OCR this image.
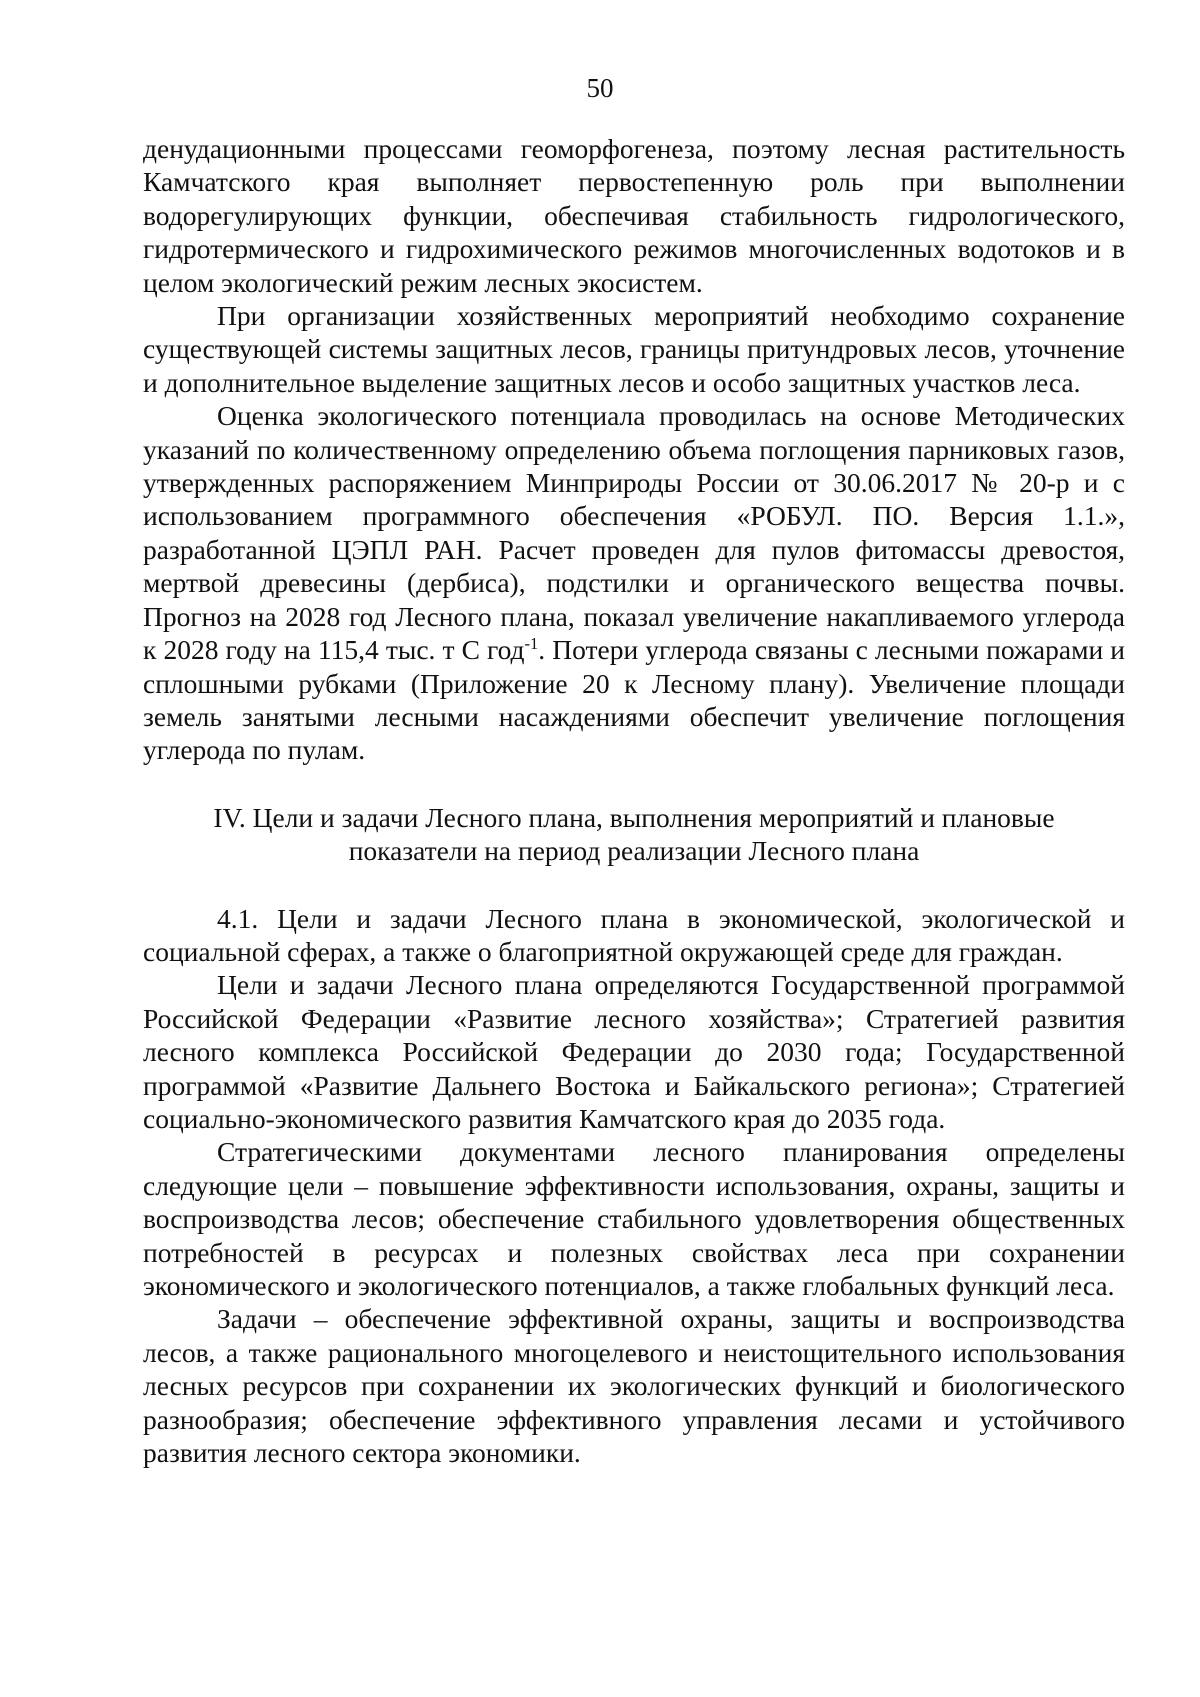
50

денудационными процессами геоморфогенеза, поэтому лесная растительность Камчатского края выполняет первостепенную роль при выполнении водорегулирующих функции, обеспечивая стабильность гидрологического, гидротермического и гидрохимического режимов многочисленных водотоков и в целом экологический режим лесных экосистем.

При организации хозяйственных мероприятий необходимо сохранение существующей системы защитных лесов, границы притундровых лесов, уточнение и дополнительное выделение защитных лесов и особо защитных участков леса.

Оценка экологического потенциала проводилась на основе Методических указаний по количественному определению объема поглощения парниковых газов, утвержденных распоряжением Минприроды России от 30.06.2017 № 20-р и с использованием программного обеспечения «РОБУЛ. ПО. Версия 1.1.», разработанной ЦЭПЛ РАН. Расчет проведен для пулов фитомассы древостоя, мертвой древесины (дербиса), подстилки и органического вещества почвы. Прогноз на 2028 год Лесного плана, показал увеличение накапливаемого углерода к 2028 году на 115,4 тыс. т С год$^{-1}$. Потери углерода связаны с лесными пожарами и сплошными рубками (Приложение 20 к Лесному плану). Увеличение площади земель занятыми лесными насаждениями обеспечит увеличение поглощения углерода по пулам.

IV. Цели и задачи Лесного плана, выполнения мероприятий и плановые
показатели на период реализации Лесного плана

4.1. Цели и задачи Лесного плана в экономической, экологической и социальной сферах, а также о благоприятной окружающей среде для граждан.

Цели и задачи Лесного плана определяются Государственной программой Российской Федерации «Развитие лесного хозяйства»; Стратегией развития лесного комплекса Российской Федерации до 2030 года; Государственной программой «Развитие Дальнего Востока и Байкальского региона»; Стратегией социально-экономического развития Камчатского края до 2035 года.

Стратегическими документами лесного планирования определены следующие цели – повышение эффективности использования, охраны, защиты и воспроизводства лесов; обеспечение стабильного удовлетворения общественных потребностей в ресурсах и полезных свойствах леса при сохранении экономического и экологического потенциалов, а также глобальных функций леса.

Задачи – обеспечение эффективной охраны, защиты и воспроизводства лесов, а также рационального многоцелевого и неистощительного использования лесных ресурсов при сохранении их экологических функций и биологического разнообразия; обеспечение эффективного управления лесами и устойчивого развития лесного сектора экономики.
